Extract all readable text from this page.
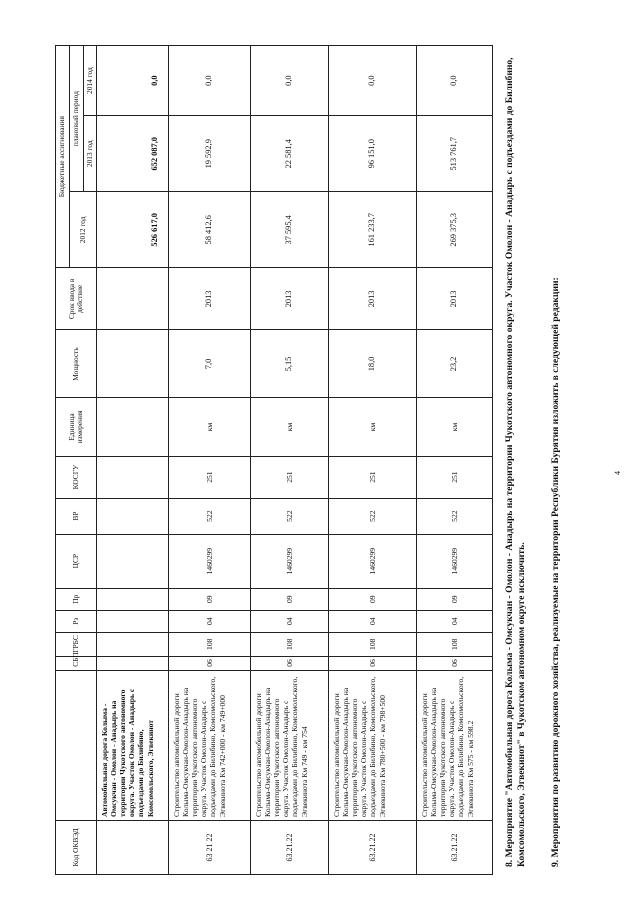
Код ОКВЭД		СБП	ГРБС	Рз	Пр	ЦСР	ВР	КОСГУ	Единица измерения	Мощность	Срок ввода в действие	Бюджетные ассигнования		
												2012 год	плановый период	
													2013 год	2014 год
	Автомобильная дорога Колыма - Омсукчан - Омолон - Анадырь на территории Чукотского автономного округа. Участок Омолон - Анадырь с подъездами до Билибино, Комсомольского, Эгвекинот											526 617,0	652 087,0	0,0
63 21 22	Строительство автомобильной дороги Колыма-Омсукчан-Омолон-Анадырь на территории Чукотского автономного округа. Участок Омолон-Анадырь с подъездами до Билибино, Комсомольского, Эгвекинота Км 742+000 - км 749+000	06	108	04	09	1460299	522	251	км	7,0	2013	58 412,6	19 592,9	0,0
63.21.22	Строительство автомобильной дороги Колыма-Омсукчан-Омолон-Анадырь на территории Чукотского автономного округа. Участок Омолон-Анадырь с подъездами до Билибино, Комсомольского, Эгвекинота Км 749 - км 754	06	108	04	09	1460299	522	251	км	5,15	2013	37 595,4	22 581,4	0,0
63.21.22	Строительство автомобильной дороги Колыма-Омсукчан-Омолон-Анадырь на территории Чукотского автономного округа. Участок Омолон-Анадырь с подъездами до Билибино, Комсомольского, Эгвекинота Км 780+500 - км 798+500	06	108	04	09	1460299	522	251	км	18,0	2013	161 233,7	96 151,0	0,0
63.21.22	Строительство автомобильной дороги Колыма-Омсукчан-Омолон-Анадырь на территории Чукотского автономного округа. Участок Омолон-Анадырь с подъездами до Билибино, Комсомольского, Эгвекинота Км 575 - км 598.2	06	108	04	09	1460299	522	251	км	23,2	2013	269 375,3	513 761,7	0,0	8. Мероприятие "Автомобильная дорога Колыма - Омсукчан - Омолон - Анадырь на территории Чукотского автономного округа. Участок Омолон - Анадырь с подъездами до Билибино, Комсомольского, Эгвекинот" в Чукотском автономном округе исключить. 9. Мероприятия по развитию дорожного хозяйства, реализуемые на территории Республики Бурятия изложить в следующей редакции:	4
